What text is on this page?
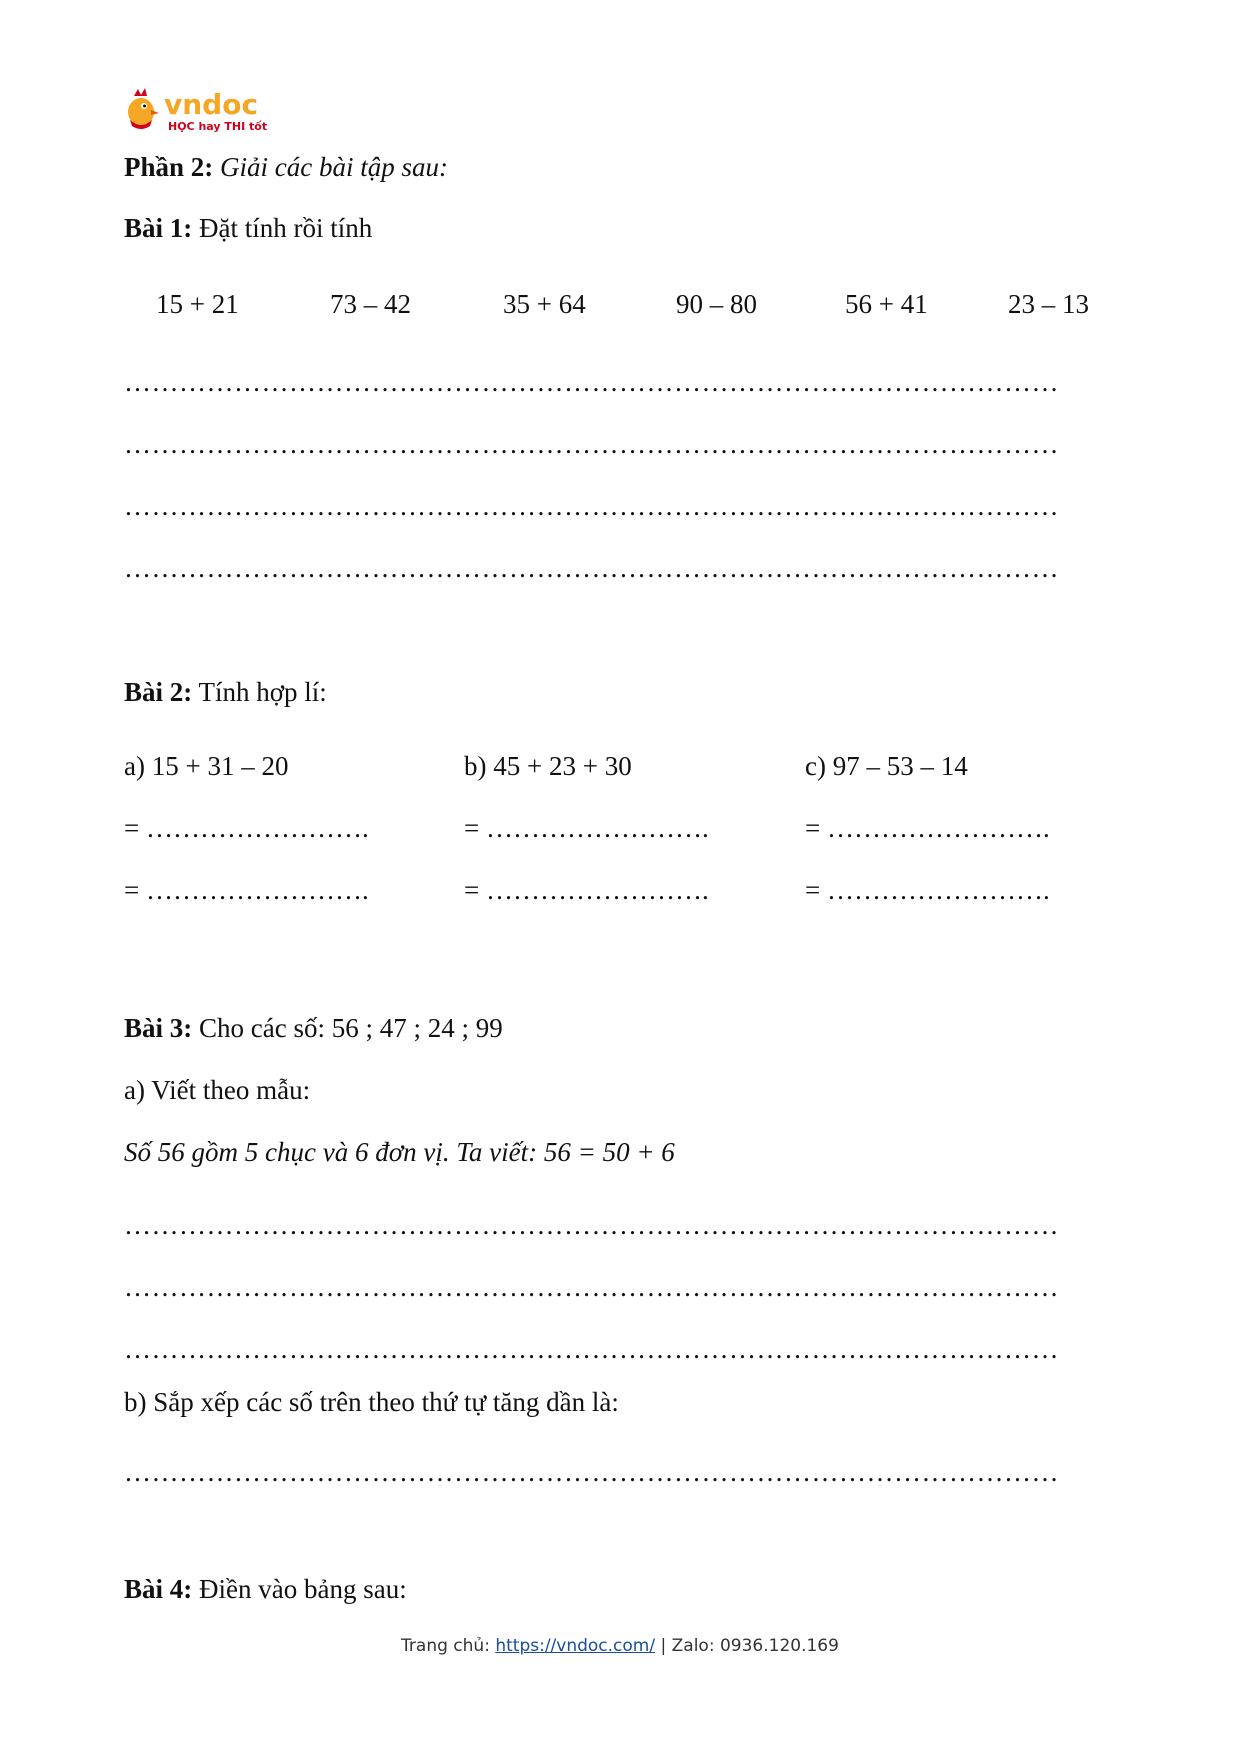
vndoc
HỌC hay THI tốt
Phần 2: Giải các bài tập sau:
Bài 1: Đặt tính rồi tính
15 + 21	73 – 42	35 + 64	90 – 80	56 + 41	23 – 13
…………………………………………………………………………………………
…………………………………………………………………………………………
…………………………………………………………………………………………
…………………………………………………………………………………………
Bài 2: Tính hợp lí:
a) 15 + 31 – 20	b) 45 + 23 + 30	c) 97 – 53 – 14
= …………………….	= …………………….	= …………………….
= …………………….	= …………………….	= …………………….
Bài 3: Cho các số: 56 ; 47 ; 24 ; 99
a) Viết theo mẫu:
Số 56 gồm 5 chục và 6 đơn vị. Ta viết: 56 = 50 + 6
…………………………………………………………………………………………
…………………………………………………………………………………………
…………………………………………………………………………………………
b) Sắp xếp các số trên theo thứ tự tăng dần là:
…………………………………………………………………………………………
Bài 4: Điền vào bảng sau:
Trang chủ: https://vndoc.com/ | Zalo: 0936.120.169
